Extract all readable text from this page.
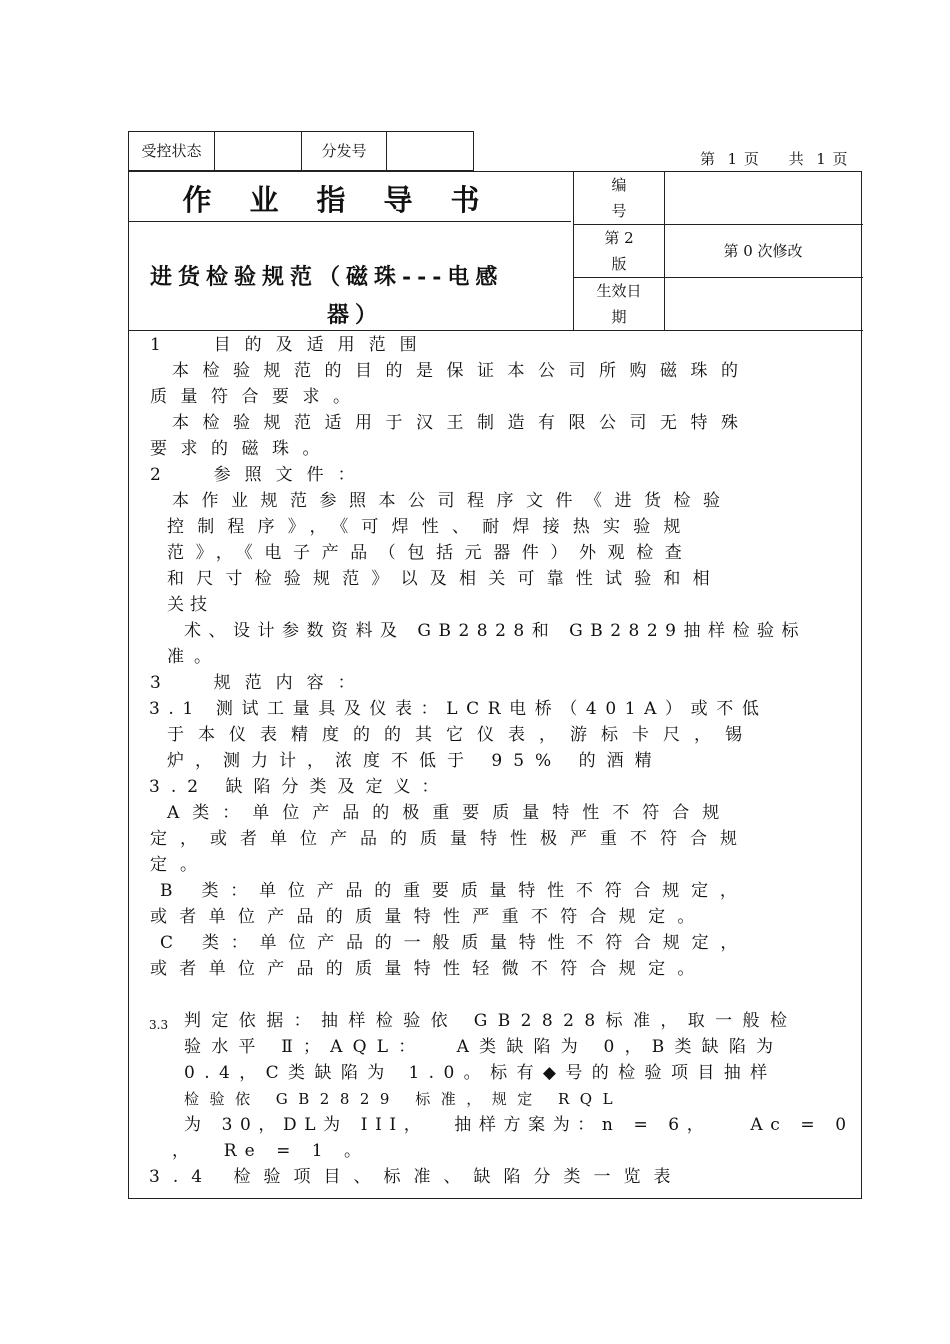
受控状态	分发号	第  1 页     共  1 页
作业指导书
进货检验规范（磁珠---电感
器）
编
号
第 2
版
第 0 次修改
生效日
期
1  目的及适用范围
本检验规范的目的是保证本公司所购磁珠的
质量符合要求。
本检验规范适用于汉王制造有限公司无特殊
要求的磁珠。
2  参照文件：
本作业规范参照本公司程序文件《进货检验
控制程序》，《可焊性、耐焊接热实验规
范》，《电子产品（包括元器件）外观检查
和尺寸检验规范》以及相关可靠性试验和相
关技
术、设计参数资料及 GB2828和 GB2829抽样检验标
准。
3  规范内容：
3.1 测试工量具及仪表：LCR电桥（401A）或不低
于本仪表精度的的其它仪表，游标卡尺，锡
炉，测力计，浓度不低于 95% 的酒精
3.2 缺陷分类及定义：
A类：单位产品的极重要质量特性不符合规
定，或者单位产品的质量特性极严重不符合规
定。
B 类：单位产品的重要质量特性不符合规定，
或者单位产品的质量特性严重不符合规定。
C 类：单位产品的一般质量特性不符合规定，
或者单位产品的质量特性轻微不符合规定。
3.3 判定依据：抽样检验依 GB2828标准，取一般检
验水平 Ⅱ；AQL：  A类缺陷为 0，B类缺陷为
0.4，C类缺陷为 1.0。标有◆号的检验项目抽样
检验依 GB2829 标准，规定 RQL
为 30，DL为 III，  抽样方案为：n = 6，   Ac = 0
，  Re = 1 。
3.4 检验项目、标准、缺陷分类一览表
